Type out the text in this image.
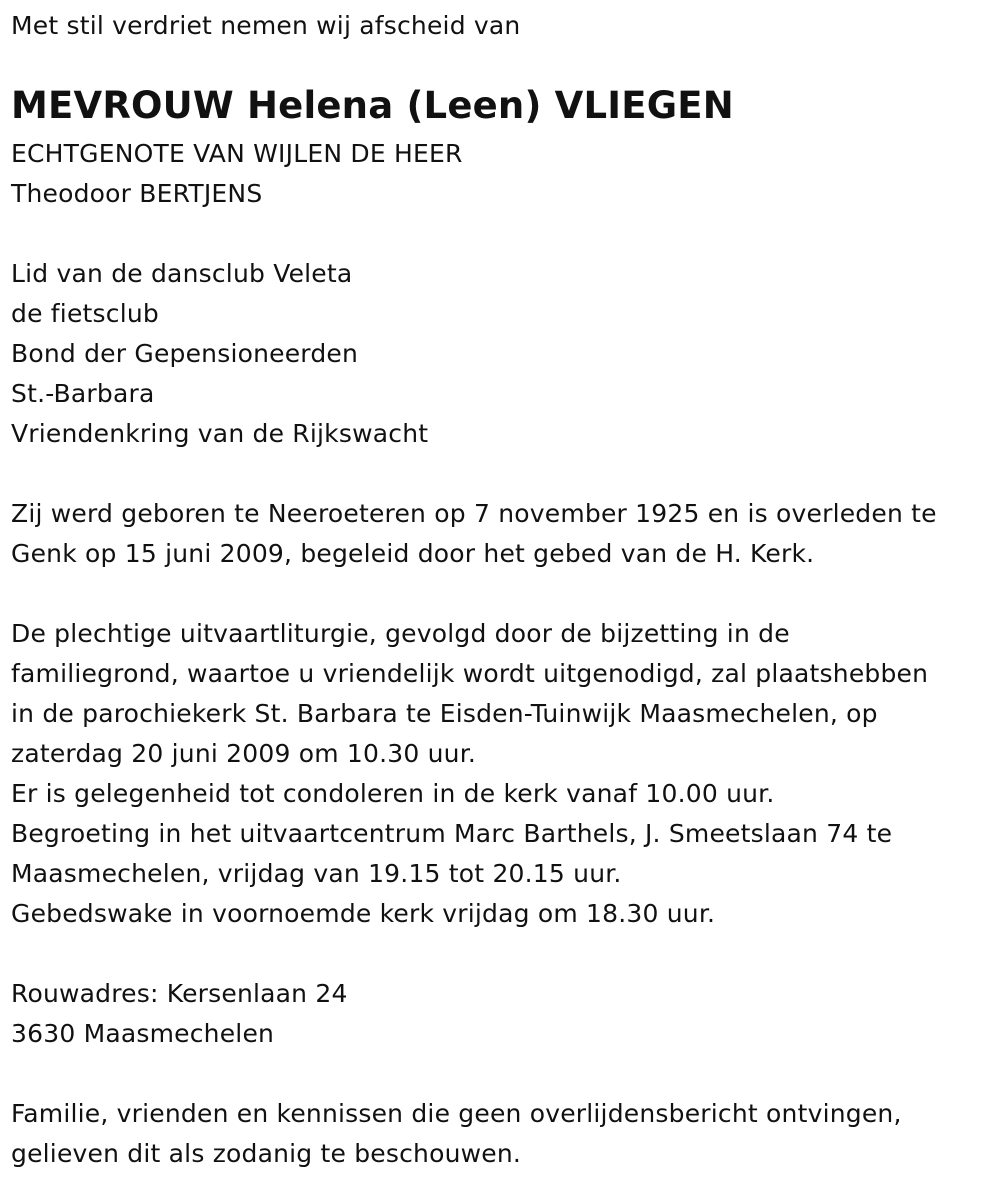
Met stil verdriet nemen wij afscheid van
MEVROUW Helena (Leen) VLIEGEN
ECHTGENOTE VAN WIJLEN DE HEER
Theodoor BERTJENS
Lid van de dansclub Veleta
de fietsclub
Bond der Gepensioneerden
St.-Barbara
Vriendenkring van de Rijkswacht
Zij werd geboren te Neeroeteren op 7 november 1925 en is overleden te
Genk op 15 juni 2009, begeleid door het gebed van de H. Kerk.
De plechtige uitvaartliturgie, gevolgd door de bijzetting in de
familiegrond, waartoe u vriendelijk wordt uitgenodigd, zal plaatshebben
in de parochiekerk St. Barbara te Eisden-Tuinwijk Maasmechelen, op
zaterdag 20 juni 2009 om 10.30 uur.
Er is gelegenheid tot condoleren in de kerk vanaf 10.00 uur.
Begroeting in het uitvaartcentrum Marc Barthels, J. Smeetslaan 74 te
Maasmechelen, vrijdag van 19.15 tot 20.15 uur.
Gebedswake in voornoemde kerk vrijdag om 18.30 uur.
Rouwadres: Kersenlaan 24
3630 Maasmechelen
Familie, vrienden en kennissen die geen overlijdensbericht ontvingen,
gelieven dit als zodanig te beschouwen.
